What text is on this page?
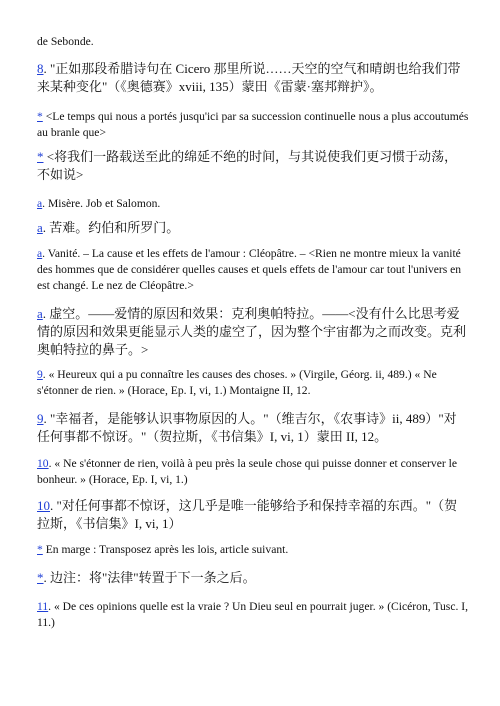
de Sebonde.

8. "正如那段希腊诗句在 Cicero 那里所说……天空的空气和晴朗也给我们带来某种变化"（《奥德赛》xviii, 135）蒙田《雷蒙·塞邦辩护》。

* <Le temps qui nous a portés jusqu'ici par sa succession continuelle nous a plus accoutumés au branle que>

* <将我们一路载送至此的绵延不绝的时间，与其说使我们更习惯于动荡，不如说>

a. Misère. Job et Salomon.

a. 苦难。约伯和所罗门。

a. Vanité. – La cause et les effets de l'amour : Cléopâtre. – <Rien ne montre mieux la vanité des hommes que de considérer quelles causes et quels effets de l'amour car tout l'univers en est changé. Le nez de Cléopâtre.>

a. 虚空。——爱情的原因和效果：克利奥帕特拉。——<没有什么比思考爱情的原因和效果更能显示人类的虚空了，因为整个宇宙都为之而改变。克利奥帕特拉的鼻子。>

9. « Heureux qui a pu connaître les causes des choses. » (Virgile, Géorg. ii, 489.) « Ne s'étonner de rien. » (Horace, Ep. I, vi, 1.) Montaigne II, 12.

9. "幸福者，是能够认识事物原因的人。"（维吉尔，《农事诗》ii, 489）"对任何事都不惊讶。"（贺拉斯，《书信集》I, vi, 1）蒙田 II, 12。

10. « Ne s'étonner de rien, voilà à peu près la seule chose qui puisse donner et conserver le bonheur. » (Horace, Ep. I, vi, 1.)

10. "对任何事都不惊讶，这几乎是唯一能够给予和保持幸福的东西。"（贺拉斯，《书信集》I, vi, 1）

* En marge : Transposez après les lois, article suivant.

*. 边注：将"法律"转置于下一条之后。

11. « De ces opinions quelle est la vraie ? Un Dieu seul en pourrait juger. » (Cicéron, Tusc. I, 11.)
